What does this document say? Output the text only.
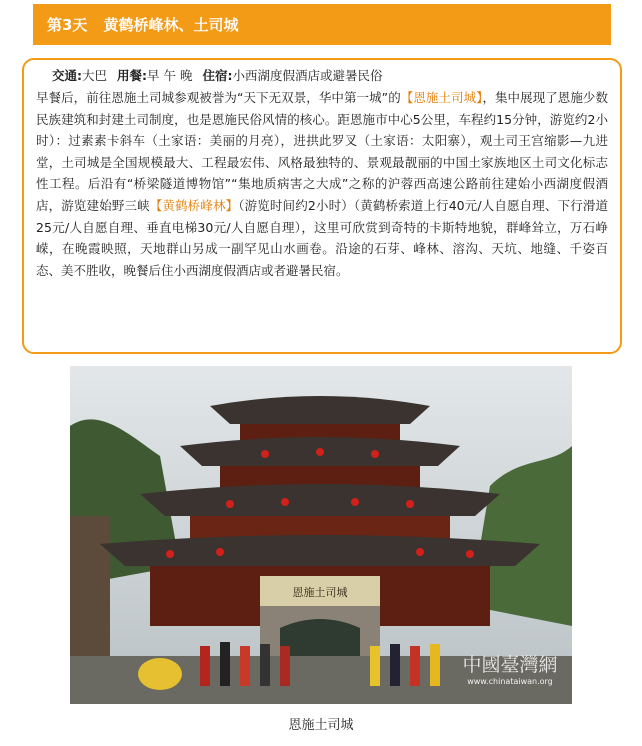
第3天 黄鹤桥峰林、土司城
交通:大巴 用餐:早 午 晚 住宿:小西湖度假酒店或避暑民俗

早餐后，前往恩施土司城参观被誉为“天下无双景，华中第一城”的【恩施土司城】，集中展现了恩施少数民族建筑和封建土司制度，也是恩施民俗风情的核心。距恩施市中心5公里，车程约15分钟，游览约2小时）：过素素卡斜车（土家语：美丽的月亮），进拱此罗叉（土家语：太阳寨），观土司王宫缩影—九进堂，土司城是全国规模最大、工程最宏伟、风格最独特的、景观最靓丽的中国土家族地区土司文化标志性工程。后沿有“桥梁隧道博物馆”“集地质病害之大成”之称的沪蓉西高速公路前往建始小西湖度假酒店，游览建始野三峡【黄鹤桥峰林】（游览时间约2小时）（黄鹤桥索道上行40元/人自愿自理、下行滑道25元/人自愿自理、垂直电梯30元/人自愿自理），这里可欣赏到奇特的卡斯特地貌，群峰耸立，万石峥嵘，在晚霞映照，天地群山另成一副罕见山水画卷。沿途的石芽、峰林、溶沟、天坑、地缝、千姿百态、美不胜收，晚餐后住小西湖度假酒店或者避暑民宿。

恩施土司城
中國臺灣網
www.chinataiwan.org
恩施土司城
